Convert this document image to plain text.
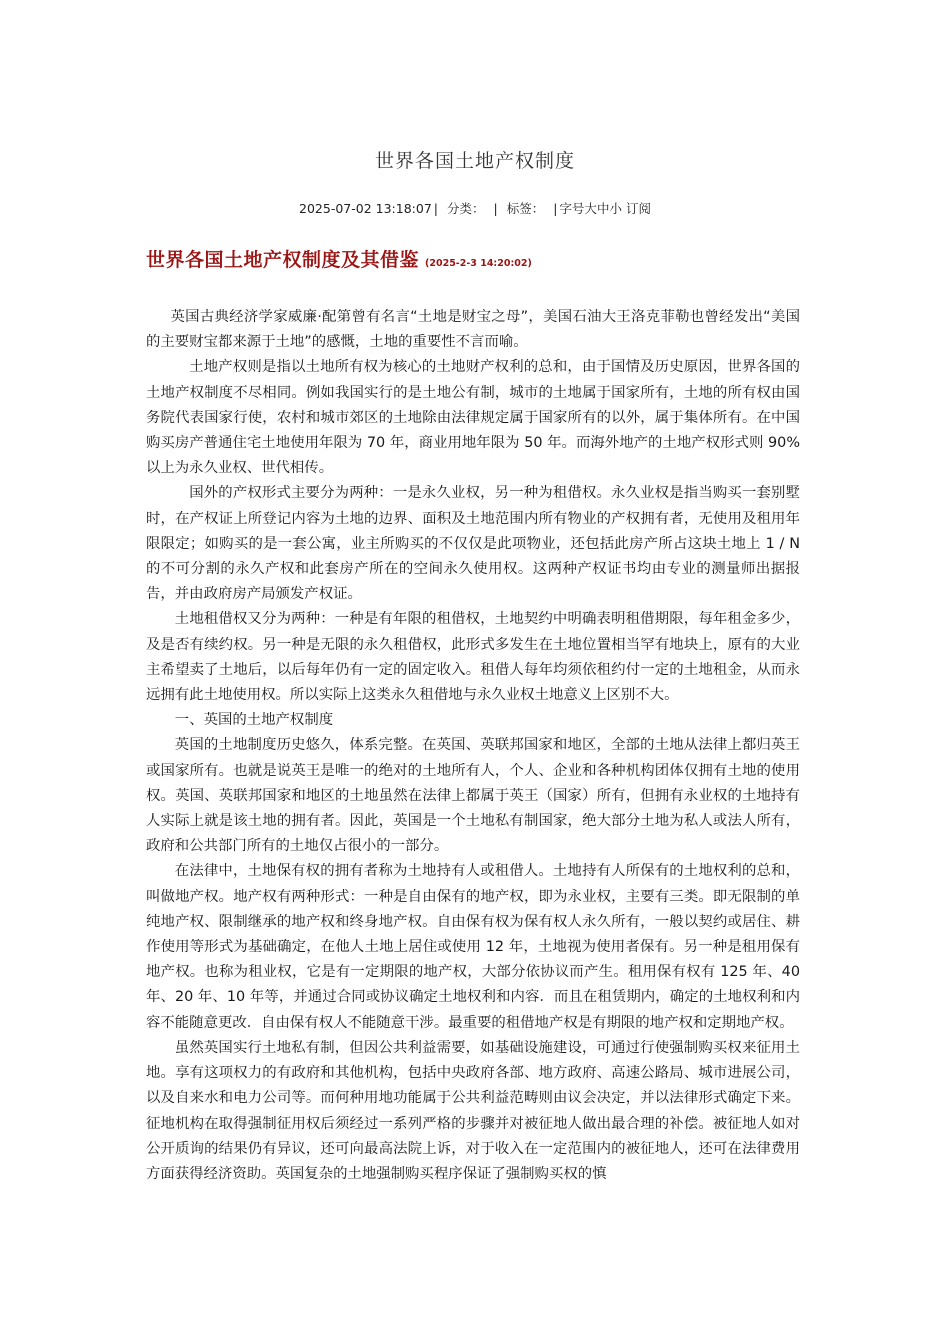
世界各国土地产权制度
2025-07-02 13:18:07 | 分类： | 标签： | 字号大中小 订阅
世界各国土地产权制度及其借鉴 (2025-2-3 14:20:02)

英国古典经济学家威廉·配第曾有名言“土地是财宝之母”，美国石油大王洛克菲勒也曾经发出“美国的主要财宝都来源于土地”的感慨，土地的重要性不言而喻。

土地产权则是指以土地所有权为核心的土地财产权利的总和，由于国情及历史原因，世界各国的土地产权制度不尽相同。例如我国实行的是土地公有制，城市的土地属于国家所有，土地的所有权由国务院代表国家行使，农村和城市郊区的土地除由法律规定属于国家所有的以外，属于集体所有。在中国购买房产普通住宅土地使用年限为 70 年，商业用地年限为 50 年。而海外地产的土地产权形式则 90%以上为永久业权、世代相传。

国外的产权形式主要分为两种：一是永久业权，另一种为租借权。永久业权是指当购买一套别墅时，在产权证上所登记内容为土地的边界、面积及土地范围内所有物业的产权拥有者，无使用及租用年限限定；如购买的是一套公寓，业主所购买的不仅仅是此项物业，还包括此房产所占这块土地上 1 / N 的不可分割的永久产权和此套房产所在的空间永久使用权。这两种产权证书均由专业的测量师出据报告，并由政府房产局颁发产权证。

土地租借权又分为两种：一种是有年限的租借权，土地契约中明确表明租借期限，每年租金多少，及是否有续约权。另一种是无限的永久租借权，此形式多发生在土地位置相当罕有地块上，原有的大业主希望卖了土地后，以后每年仍有一定的固定收入。租借人每年均须依租约付一定的土地租金，从而永远拥有此土地使用权。所以实际上这类永久租借地与永久业权土地意义上区别不大。

一、英国的土地产权制度

英国的土地制度历史悠久，体系完整。在英国、英联邦国家和地区，全部的土地从法律上都归英王或国家所有。也就是说英王是唯一的绝对的土地所有人，个人、企业和各种机构团体仅拥有土地的使用权。英国、英联邦国家和地区的土地虽然在法律上都属于英王（国家）所有，但拥有永业权的土地持有人实际上就是该土地的拥有者。因此，英国是一个土地私有制国家，绝大部分土地为私人或法人所有，政府和公共部门所有的土地仅占很小的一部分。

在法律中，土地保有权的拥有者称为土地持有人或租借人。土地持有人所保有的土地权利的总和，叫做地产权。地产权有两种形式：一种是自由保有的地产权，即为永业权，主要有三类。即无限制的单纯地产权、限制继承的地产权和终身地产权。自由保有权为保有权人永久所有，一般以契约或居住、耕作使用等形式为基础确定，在他人土地上居住或使用 12 年，土地视为使用者保有。另一种是租用保有地产权。也称为租业权，它是有一定期限的地产权，大部分依协议而产生。租用保有权有 125 年、40 年、20 年、10 年等，并通过合同或协议确定土地权利和内容．而且在租赁期内，确定的土地权利和内容不能随意更改．自由保有权人不能随意干涉。最重要的租借地产权是有期限的地产权和定期地产权。

虽然英国实行土地私有制，但因公共利益需要，如基础设施建设，可通过行使强制购买权来征用土地。享有这项权力的有政府和其他机构，包括中央政府各部、地方政府、高速公路局、城市进展公司，以及自来水和电力公司等。而何种用地功能属于公共利益范畴则由议会决定，并以法律形式确定下来。征地机构在取得强制征用权后须经过一系列严格的步骤并对被征地人做出最合理的补偿。被征地人如对公开质询的结果仍有异议，还可向最高法院上诉，对于收入在一定范围内的被征地人，还可在法律费用方面获得经济资助。英国复杂的土地强制购买程序保证了强制购买权的慎
